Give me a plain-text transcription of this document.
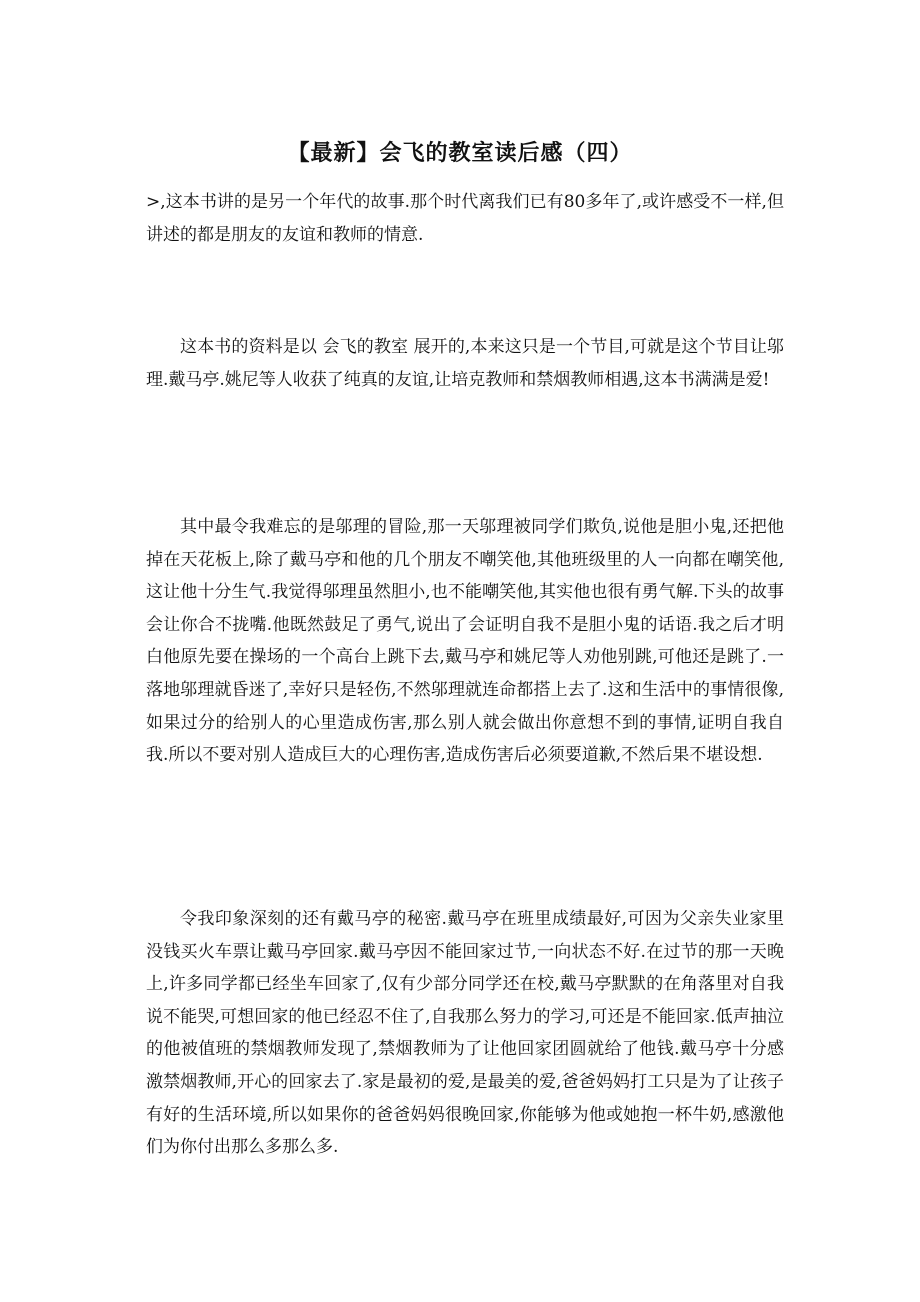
【最新】会飞的教室读后感（四）

>,这本书讲的是另一个年代的故事.那个时代离我们已有80多年了,或许感受不一样,但讲述的都是朋友的友谊和教师的情意.

这本书的资料是以 会飞的教室 展开的,本来这只是一个节目,可就是这个节目让邬理.戴马亭.姚尼等人收获了纯真的友谊,让培克教师和禁烟教师相遇,这本书满满是爱!

其中最令我难忘的是邬理的冒险,那一天邬理被同学们欺负,说他是胆小鬼,还把他掉在天花板上,除了戴马亭和他的几个朋友不嘲笑他,其他班级里的人一向都在嘲笑他,这让他十分生气.我觉得邬理虽然胆小,也不能嘲笑他,其实他也很有勇气解.下头的故事会让你合不拢嘴.他既然鼓足了勇气,说出了会证明自我不是胆小鬼的话语.我之后才明白他原先要在操场的一个高台上跳下去,戴马亭和姚尼等人劝他别跳,可他还是跳了.一落地邬理就昏迷了,幸好只是轻伤,不然邬理就连命都搭上去了.这和生活中的事情很像,如果过分的给别人的心里造成伤害,那么别人就会做出你意想不到的事情,证明自我自我.所以不要对别人造成巨大的心理伤害,造成伤害后必须要道歉,不然后果不堪设想.

令我印象深刻的还有戴马亭的秘密.戴马亭在班里成绩最好,可因为父亲失业家里没钱买火车票让戴马亭回家.戴马亭因不能回家过节,一向状态不好.在过节的那一天晚上,许多同学都已经坐车回家了,仅有少部分同学还在校,戴马亭默默的在角落里对自我说不能哭,可想回家的他已经忍不住了,自我那么努力的学习,可还是不能回家.低声抽泣的他被值班的禁烟教师发现了,禁烟教师为了让他回家团圆就给了他钱.戴马亭十分感激禁烟教师,开心的回家去了.家是最初的爱,是最美的爱,爸爸妈妈打工只是为了让孩子有好的生活环境,所以如果你的爸爸妈妈很晚回家,你能够为他或她抱一杯牛奶,感激他们为你付出那么多那么多.
